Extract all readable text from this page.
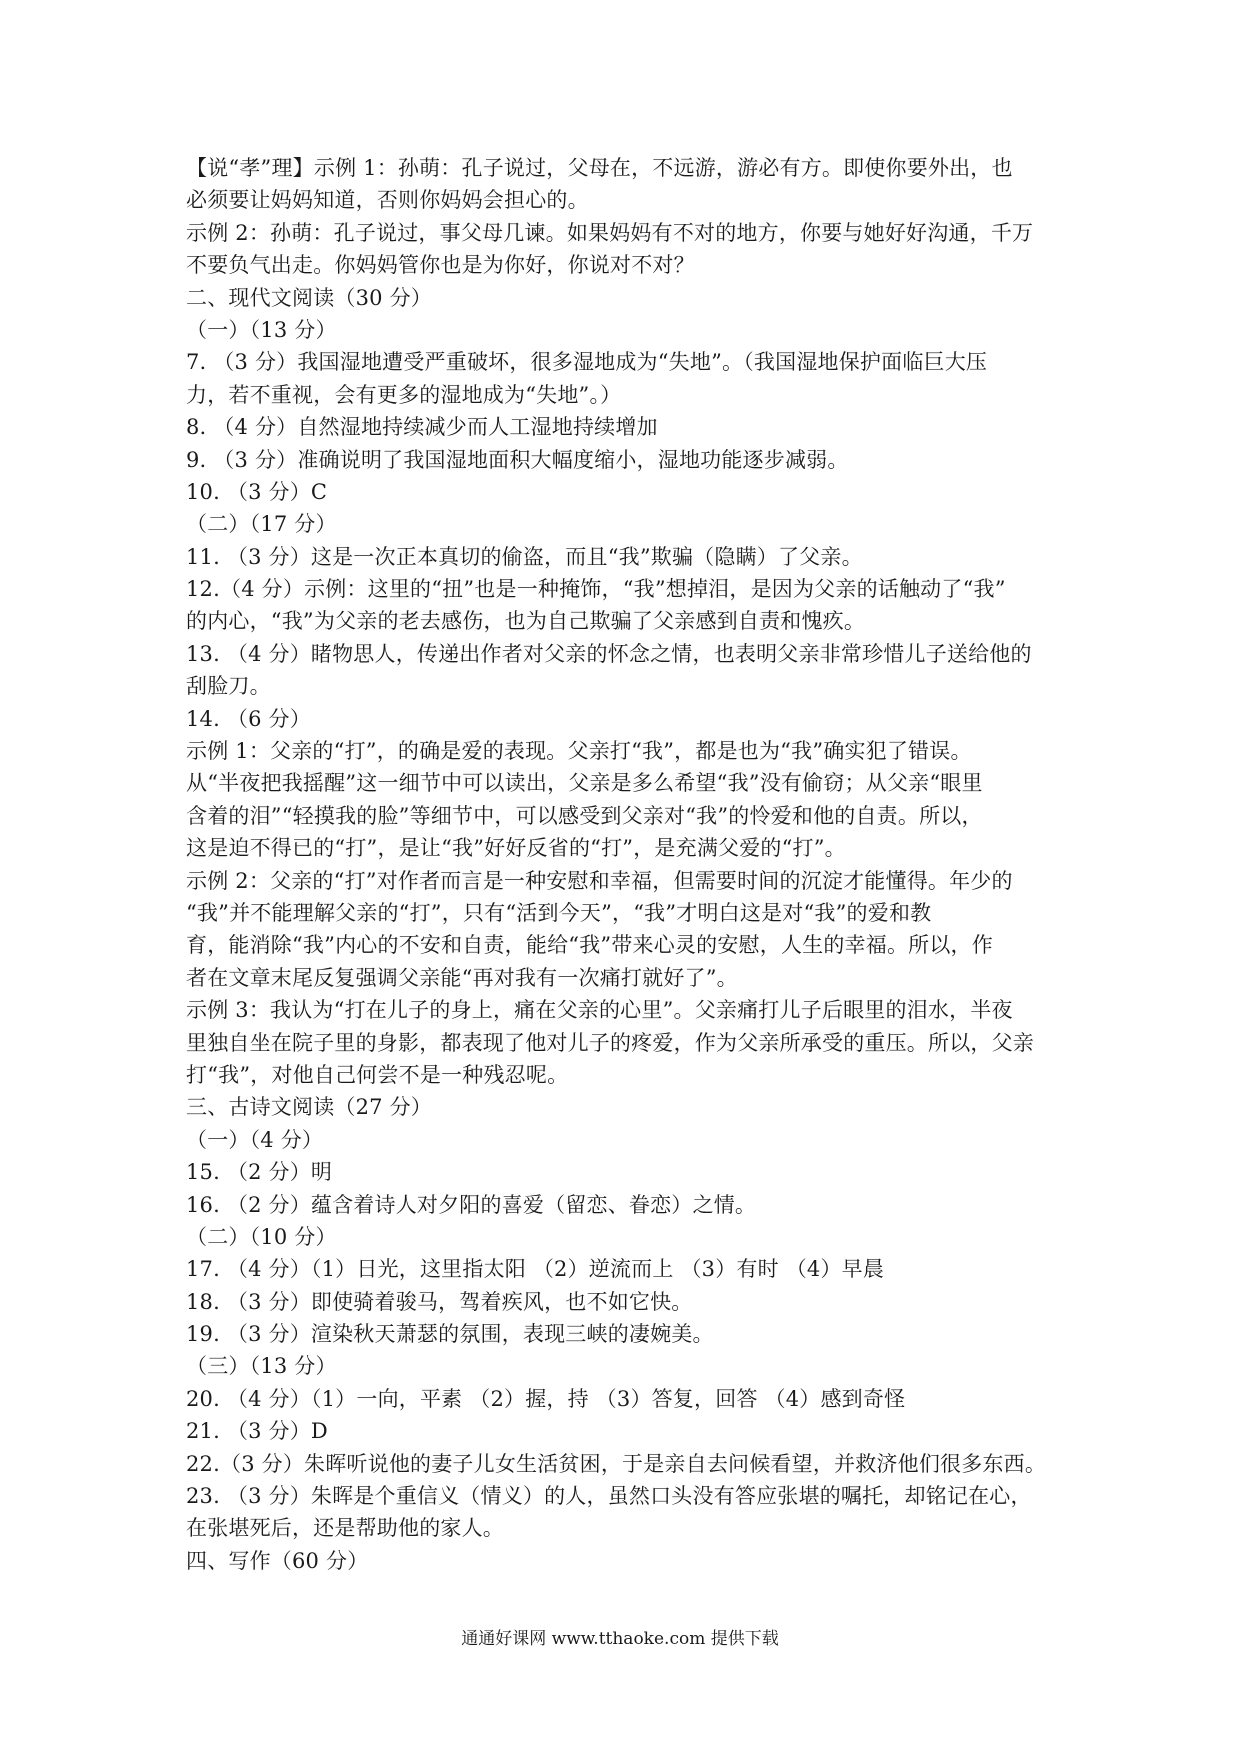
【说“孝”理】示例 1：孙萌：孔子说过，父母在，不远游，游必有方。即使你要外出，也
必须要让妈妈知道，否则你妈妈会担心的。
示例 2：孙萌：孔子说过，事父母几谏。如果妈妈有不对的地方，你要与她好好沟通，千万
不要负气出走。你妈妈管你也是为你好，你说对不对？
二、现代文阅读（30 分）
（一）（13 分）
7. （3 分）我国湿地遭受严重破坏，很多湿地成为“失地”。（我国湿地保护面临巨大压
力，若不重视，会有更多的湿地成为“失地”。）
8. （4 分）自然湿地持续减少而人工湿地持续增加
9. （3 分）准确说明了我国湿地面积大幅度缩小，湿地功能逐步减弱。
10. （3 分）C
（二）（17 分）
11. （3 分）这是一次正本真切的偷盗，而且“我”欺骗（隐瞒）了父亲。
12.（4 分）示例：这里的“扭”也是一种掩饰，“我”想掉泪，是因为父亲的话触动了“我”
的内心，“我”为父亲的老去感伤，也为自己欺骗了父亲感到自责和愧疚。
13. （4 分）睹物思人，传递出作者对父亲的怀念之情，也表明父亲非常珍惜儿子送给他的
刮脸刀。
14. （6 分）
示例 1：父亲的“打”，的确是爱的表现。父亲打“我”，都是也为“我”确实犯了错误。
从“半夜把我摇醒”这一细节中可以读出，父亲是多么希望“我”没有偷窃；从父亲“眼里
含着的泪”“轻摸我的脸”等细节中，可以感受到父亲对“我”的怜爱和他的自责。所以，
这是迫不得已的“打”，是让“我”好好反省的“打”，是充满父爱的“打”。
示例 2：父亲的“打”对作者而言是一种安慰和幸福，但需要时间的沉淀才能懂得。年少的
“我”并不能理解父亲的“打”，只有“活到今天”，“我”才明白这是对“我”的爱和教
育，能消除“我”内心的不安和自责，能给“我”带来心灵的安慰，人生的幸福。所以，作
者在文章末尾反复强调父亲能“再对我有一次痛打就好了”。
示例 3：我认为“打在儿子的身上，痛在父亲的心里”。父亲痛打儿子后眼里的泪水，半夜
里独自坐在院子里的身影，都表现了他对儿子的疼爱，作为父亲所承受的重压。所以，父亲
打“我”，对他自己何尝不是一种残忍呢。
三、古诗文阅读（27 分）
（一）（4 分）
15. （2 分）明
16. （2 分）蕴含着诗人对夕阳的喜爱（留恋、眷恋）之情。
（二）（10 分）
17. （4 分）（1）日光，这里指太阳 （2）逆流而上 （3）有时 （4）早晨
18. （3 分）即使骑着骏马，驾着疾风，也不如它快。
19. （3 分）渲染秋天萧瑟的氛围，表现三峡的凄婉美。
（三）（13 分）
20. （4 分）（1）一向，平素 （2）握，持 （3）答复，回答 （4）感到奇怪
21. （3 分）D
22.（3 分）朱晖听说他的妻子儿女生活贫困，于是亲自去问候看望，并救济他们很多东西。
23. （3 分）朱晖是个重信义（情义）的人，虽然口头没有答应张堪的嘱托，却铭记在心，
在张堪死后，还是帮助他的家人。
四、写作（60 分）
通通好课网 www.tthaoke.com 提供下载
